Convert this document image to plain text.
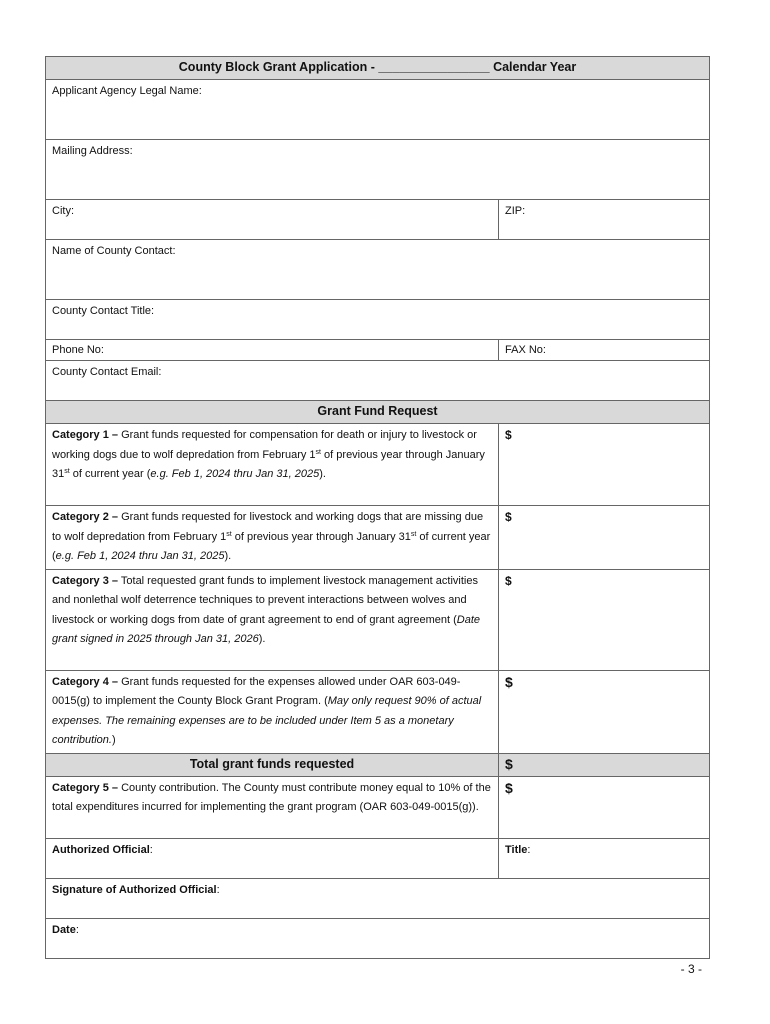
County Block Grant Application - ________________ Calendar Year	
Applicant Agency Legal Name:	
Mailing Address:	
City:	ZIP:
Name of County Contact:	
County Contact Title:	
Phone No:	FAX No:
County Contact Email:	
Grant Fund Request	
Category 1 – Grant funds requested for compensation for death or injury to livestock or working dogs due to wolf depredation from February 1st of previous year through January 31st of current year (e.g. Feb 1, 2024 thru Jan 31, 2025).	$
Category 2 – Grant funds requested for livestock and working dogs that are missing due to wolf depredation from February 1st of previous year through January 31st of current year (e.g. Feb 1, 2024 thru Jan 31, 2025).	$
Category 3 – Total requested grant funds to implement livestock management activities and nonlethal wolf deterrence techniques to prevent interactions between wolves and livestock or working dogs from date of grant agreement to end of grant agreement (Date grant signed in 2025 through Jan 31, 2026).	$
Category 4 – Grant funds requested for the expenses allowed under OAR 603-049-0015(g) to implement the County Block Grant Program. (May only request 90% of actual expenses. The remaining expenses are to be included under Item 5 as a monetary contribution.)	$
Total grant funds requested	$
Category 5 – County contribution. The County must contribute money equal to 10% of the total expenditures incurred for implementing the grant program (OAR 603-049-0015(g)).	$
Authorized Official:	Title:
Signature of Authorized Official:	
Date:	
- 3 -
